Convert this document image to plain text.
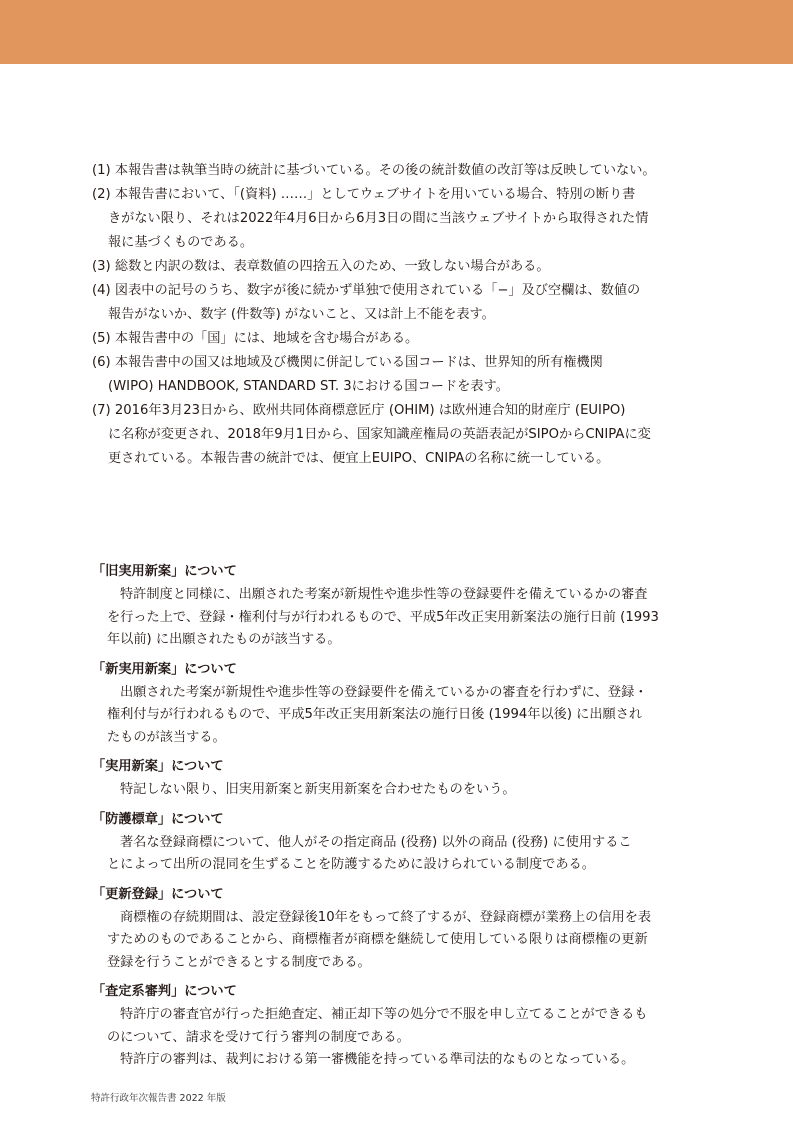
(1) 本報告書は執筆当時の統計に基づいている。その後の統計数値の改訂等は反映していない。
(2) 本報告書において、「(資料) ……」としてウェブサイトを用いている場合、特別の断り書
きがない限り、それは2022年4月6日から6月3日の間に当該ウェブサイトから取得された情
報に基づくものである。
(3) 総数と内訳の数は、表章数値の四捨五入のため、一致しない場合がある。
(4) 図表中の記号のうち、数字が後に続かず単独で使用されている「−」及び空欄は、数値の
報告がないか、数字 (件数等) がないこと、又は計上不能を表す。
(5) 本報告書中の「国」には、地域を含む場合がある。
(6) 本報告書中の国又は地域及び機関に併記している国コードは、世界知的所有権機関
(WIPO) HANDBOOK, STANDARD ST. 3における国コードを表す。
(7) 2016年3月23日から、欧州共同体商標意匠庁 (OHIM) は欧州連合知的財産庁 (EUIPO)
に名称が変更され、2018年9月1日から、国家知識産権局の英語表記がSIPOからCNIPAに変
更されている。本報告書の統計では、便宜上EUIPO、CNIPAの名称に統一している。

「旧実用新案」について

特許制度と同様に、出願された考案が新規性や進歩性等の登録要件を備えているかの審査
を行った上で、登録・権利付与が行われるもので、平成5年改正実用新案法の施行日前 (1993
年以前) に出願されたものが該当する。

「新実用新案」について

出願された考案が新規性や進歩性等の登録要件を備えているかの審査を行わずに、登録・
権利付与が行われるもので、平成5年改正実用新案法の施行日後 (1994年以後) に出願され
たものが該当する。

「実用新案」について

特記しない限り、旧実用新案と新実用新案を合わせたものをいう。

「防護標章」について

著名な登録商標について、他人がその指定商品 (役務) 以外の商品 (役務) に使用するこ
とによって出所の混同を生ずることを防護するために設けられている制度である。

「更新登録」について

商標権の存続期間は、設定登録後10年をもって終了するが、登録商標が業務上の信用を表
すためのものであることから、商標権者が商標を継続して使用している限りは商標権の更新
登録を行うことができるとする制度である。

「査定系審判」について

特許庁の審査官が行った拒絶査定、補正却下等の処分で不服を申し立てることができるも
のについて、請求を受けて行う審判の制度である。

特許庁の審判は、裁判における第一審機能を持っている準司法的なものとなっている。

特許行政年次報告書 2022 年版
